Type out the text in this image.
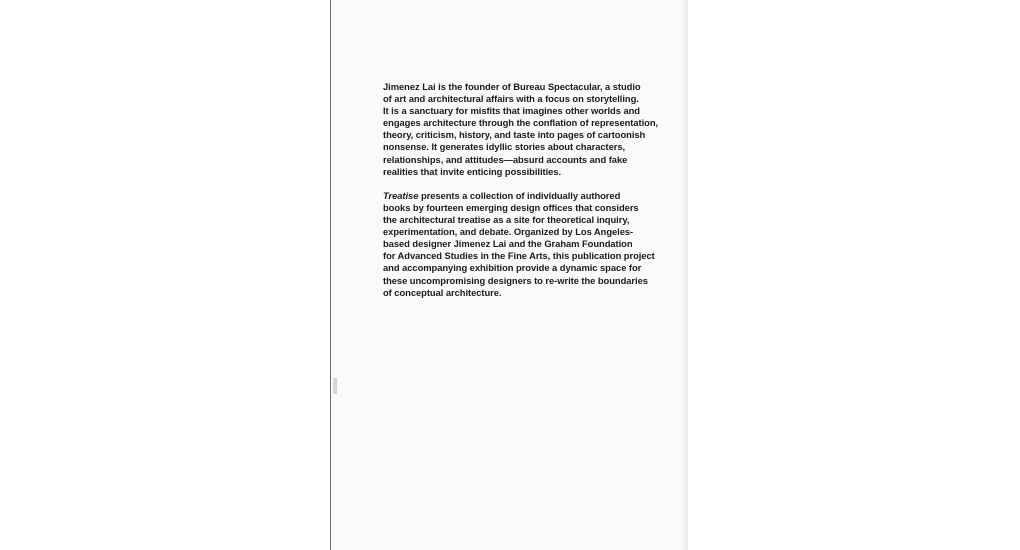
Jimenez Lai is the founder of Bureau Spectacular, a studio
of art and architectural affairs with a focus on storytelling.
It is a sanctuary for misfits that imagines other worlds and
engages architecture through the conflation of representation,
theory, criticism, history, and taste into pages of cartoonish
nonsense. It generates idyllic stories about characters,
relationships, and attitudes—absurd accounts and fake
realities that invite enticing possibilities.

Treatise presents a collection of individually authored
books by fourteen emerging design offices that considers
the architectural treatise as a site for theoretical inquiry,
experimentation, and debate. Organized by Los Angeles-
based designer Jimenez Lai and the Graham Foundation
for Advanced Studies in the Fine Arts, this publication project
and accompanying exhibition provide a dynamic space for
these uncompromising designers to re-write the boundaries
of conceptual architecture.
